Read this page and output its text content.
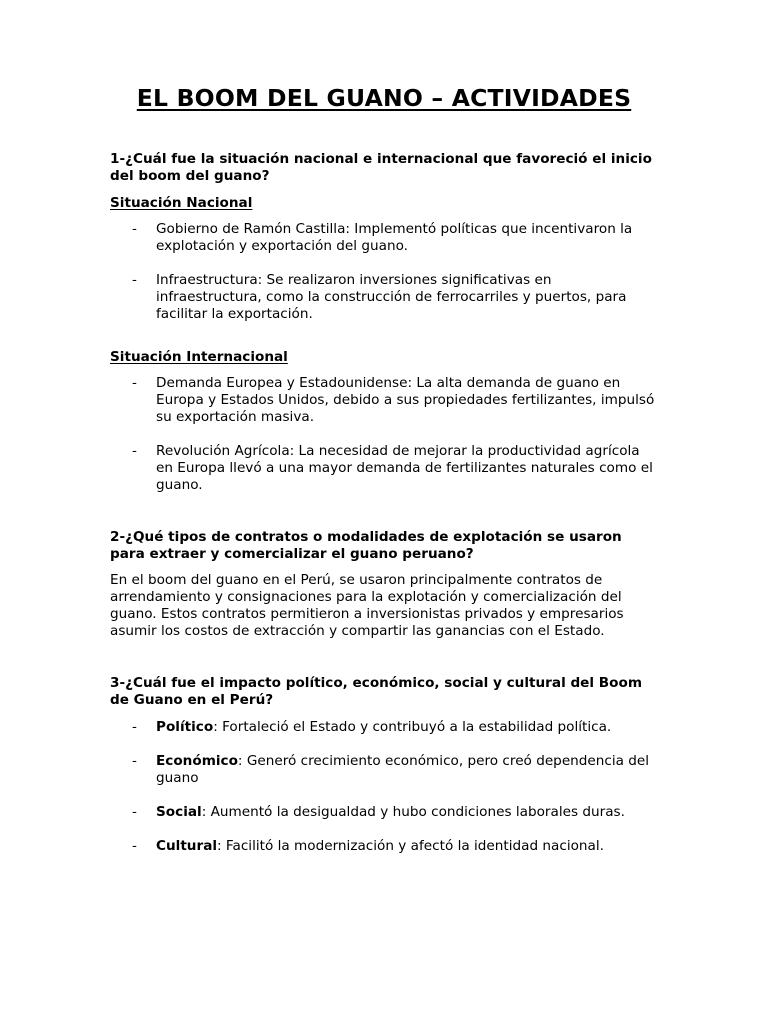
EL BOOM DEL GUANO – ACTIVIDADES

1-¿Cuál fue la situación nacional e internacional que favoreció el inicio del boom del guano?

Situación Nacional

- Gobierno de Ramón Castilla: Implementó políticas que incentivaron la explotación y exportación del guano.
- Infraestructura: Se realizaron inversiones significativas en infraestructura, como la construcción de ferrocarriles y puertos, para facilitar la exportación.

Situación Internacional

- Demanda Europea y Estadounidense: La alta demanda de guano en Europa y Estados Unidos, debido a sus propiedades fertilizantes, impulsó su exportación masiva.
- Revolución Agrícola: La necesidad de mejorar la productividad agrícola en Europa llevó a una mayor demanda de fertilizantes naturales como el guano.

2-¿Qué tipos de contratos o modalidades de explotación se usaron para extraer y comercializar el guano peruano?

En el boom del guano en el Perú, se usaron principalmente contratos de arrendamiento y consignaciones para la explotación y comercialización del guano. Estos contratos permitieron a inversionistas privados y empresarios asumir los costos de extracción y compartir las ganancias con el Estado.

3-¿Cuál fue el impacto político, económico, social y cultural del Boom de Guano en el Perú?

- Político: Fortaleció el Estado y contribuyó a la estabilidad política.
- Económico: Generó crecimiento económico, pero creó dependencia del guano
- Social: Aumentó la desigualdad y hubo condiciones laborales duras.
- Cultural: Facilitó la modernización y afectó la identidad nacional.
